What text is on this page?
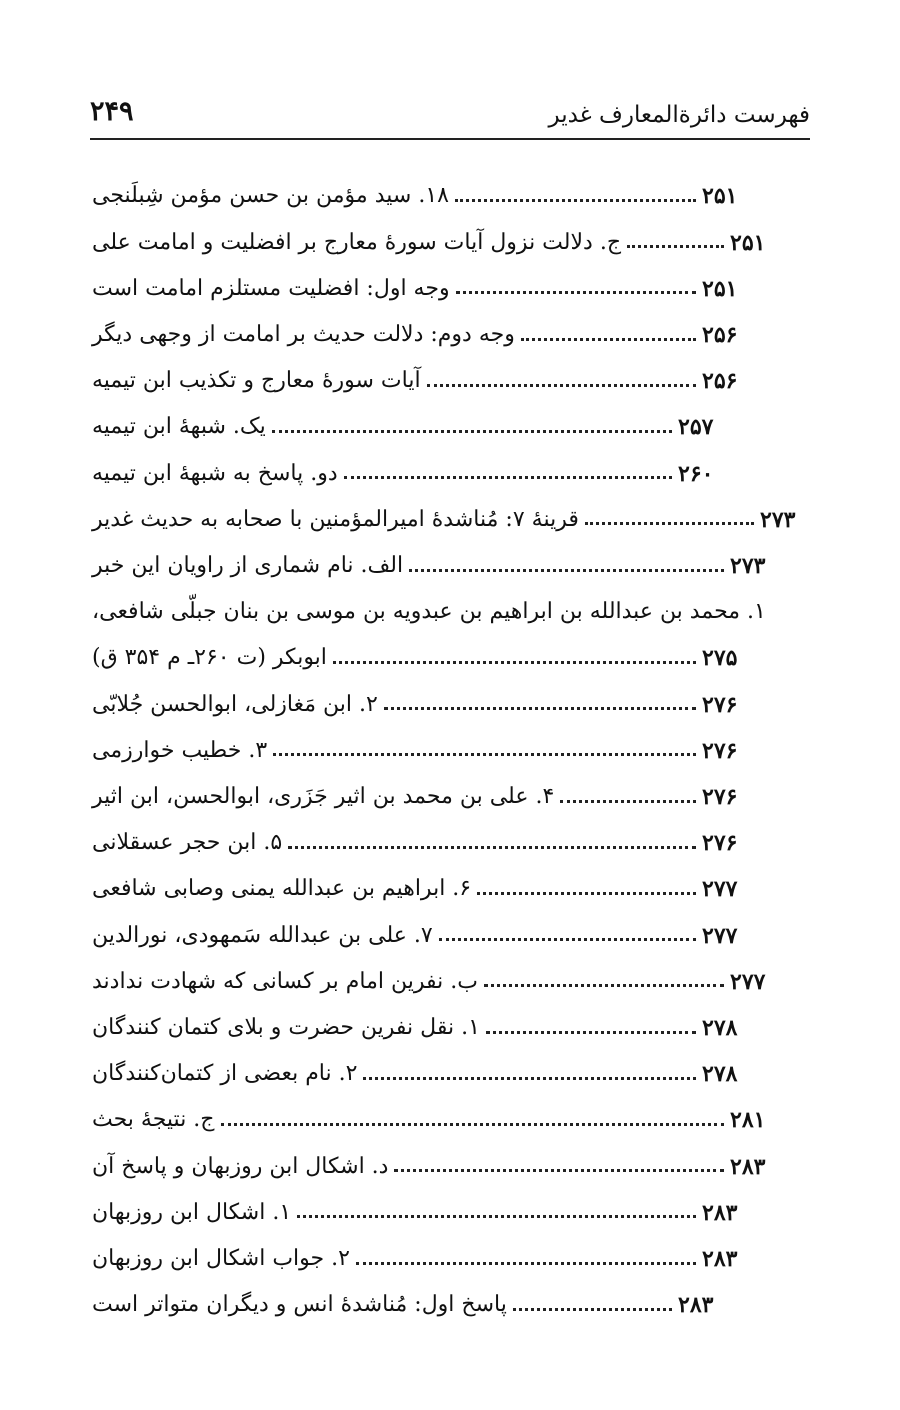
فهرست دائرةالمعارف غدیر
۲۴۹
۱۸. سید مؤمن بن حسن مؤمن شِبلَنجی	۲۵۱
ج. دلالت نزول آیات سورهٔ معارج بر افضلیت و امامت علی	۲۵۱
وجه اول: افضلیت مستلزم امامت است	۲۵۱
وجه دوم: دلالت حدیث بر امامت از وجهی دیگر	۲۵۶
آیات سورهٔ معارج و تکذیب ابن تیمیه	۲۵۶
یک. شبههٔ ابن تیمیه	۲۵۷
دو. پاسخ به شبههٔ ابن تیمیه	۲۶۰
قرینهٔ ۷: مُناشدهٔ امیرالمؤمنین با صحابه به حدیث غدیر	۲۷۳
الف. نام شماری از راویان این خبر	۲۷۳
۱. محمد بن عبدالله بن ابراهیم بن عبدویه بن موسی بن بنان جبلّی شافعی،
ابوبکر (ت ۲۶۰ـ م ۳۵۴ ق)	۲۷۵
۲. ابن مَغازلی، ابوالحسن جُلابّی	۲۷۶
۳. خطیب خوارزمی	۲۷۶
۴. علی بن محمد بن اثیر جَزَری، ابوالحسن، ابن اثیر	۲۷۶
۵. ابن حجر عسقلانی	۲۷۶
۶. ابراهیم بن عبدالله یمنی وصابی شافعی	۲۷۷
۷. علی بن عبدالله سَمهودی، نورالدین	۲۷۷
ب. نفرین امام بر کسانی که شهادت ندادند	۲۷۷
۱. نقل نفرین حضرت و بلای کتمان کنندگان	۲۷۸
۲. نام بعضی از کتمان‌کنندگان	۲۷۸
ج. نتیجهٔ بحث	۲۸۱
د. اشکال ابن روزبهان و پاسخ آن	۲۸۳
۱. اشکال ابن روزبهان	۲۸۳
۲. جواب اشکال ابن روزبهان	۲۸۳
پاسخ اول: مُناشدهٔ انس و دیگران متواتر است	۲۸۳
